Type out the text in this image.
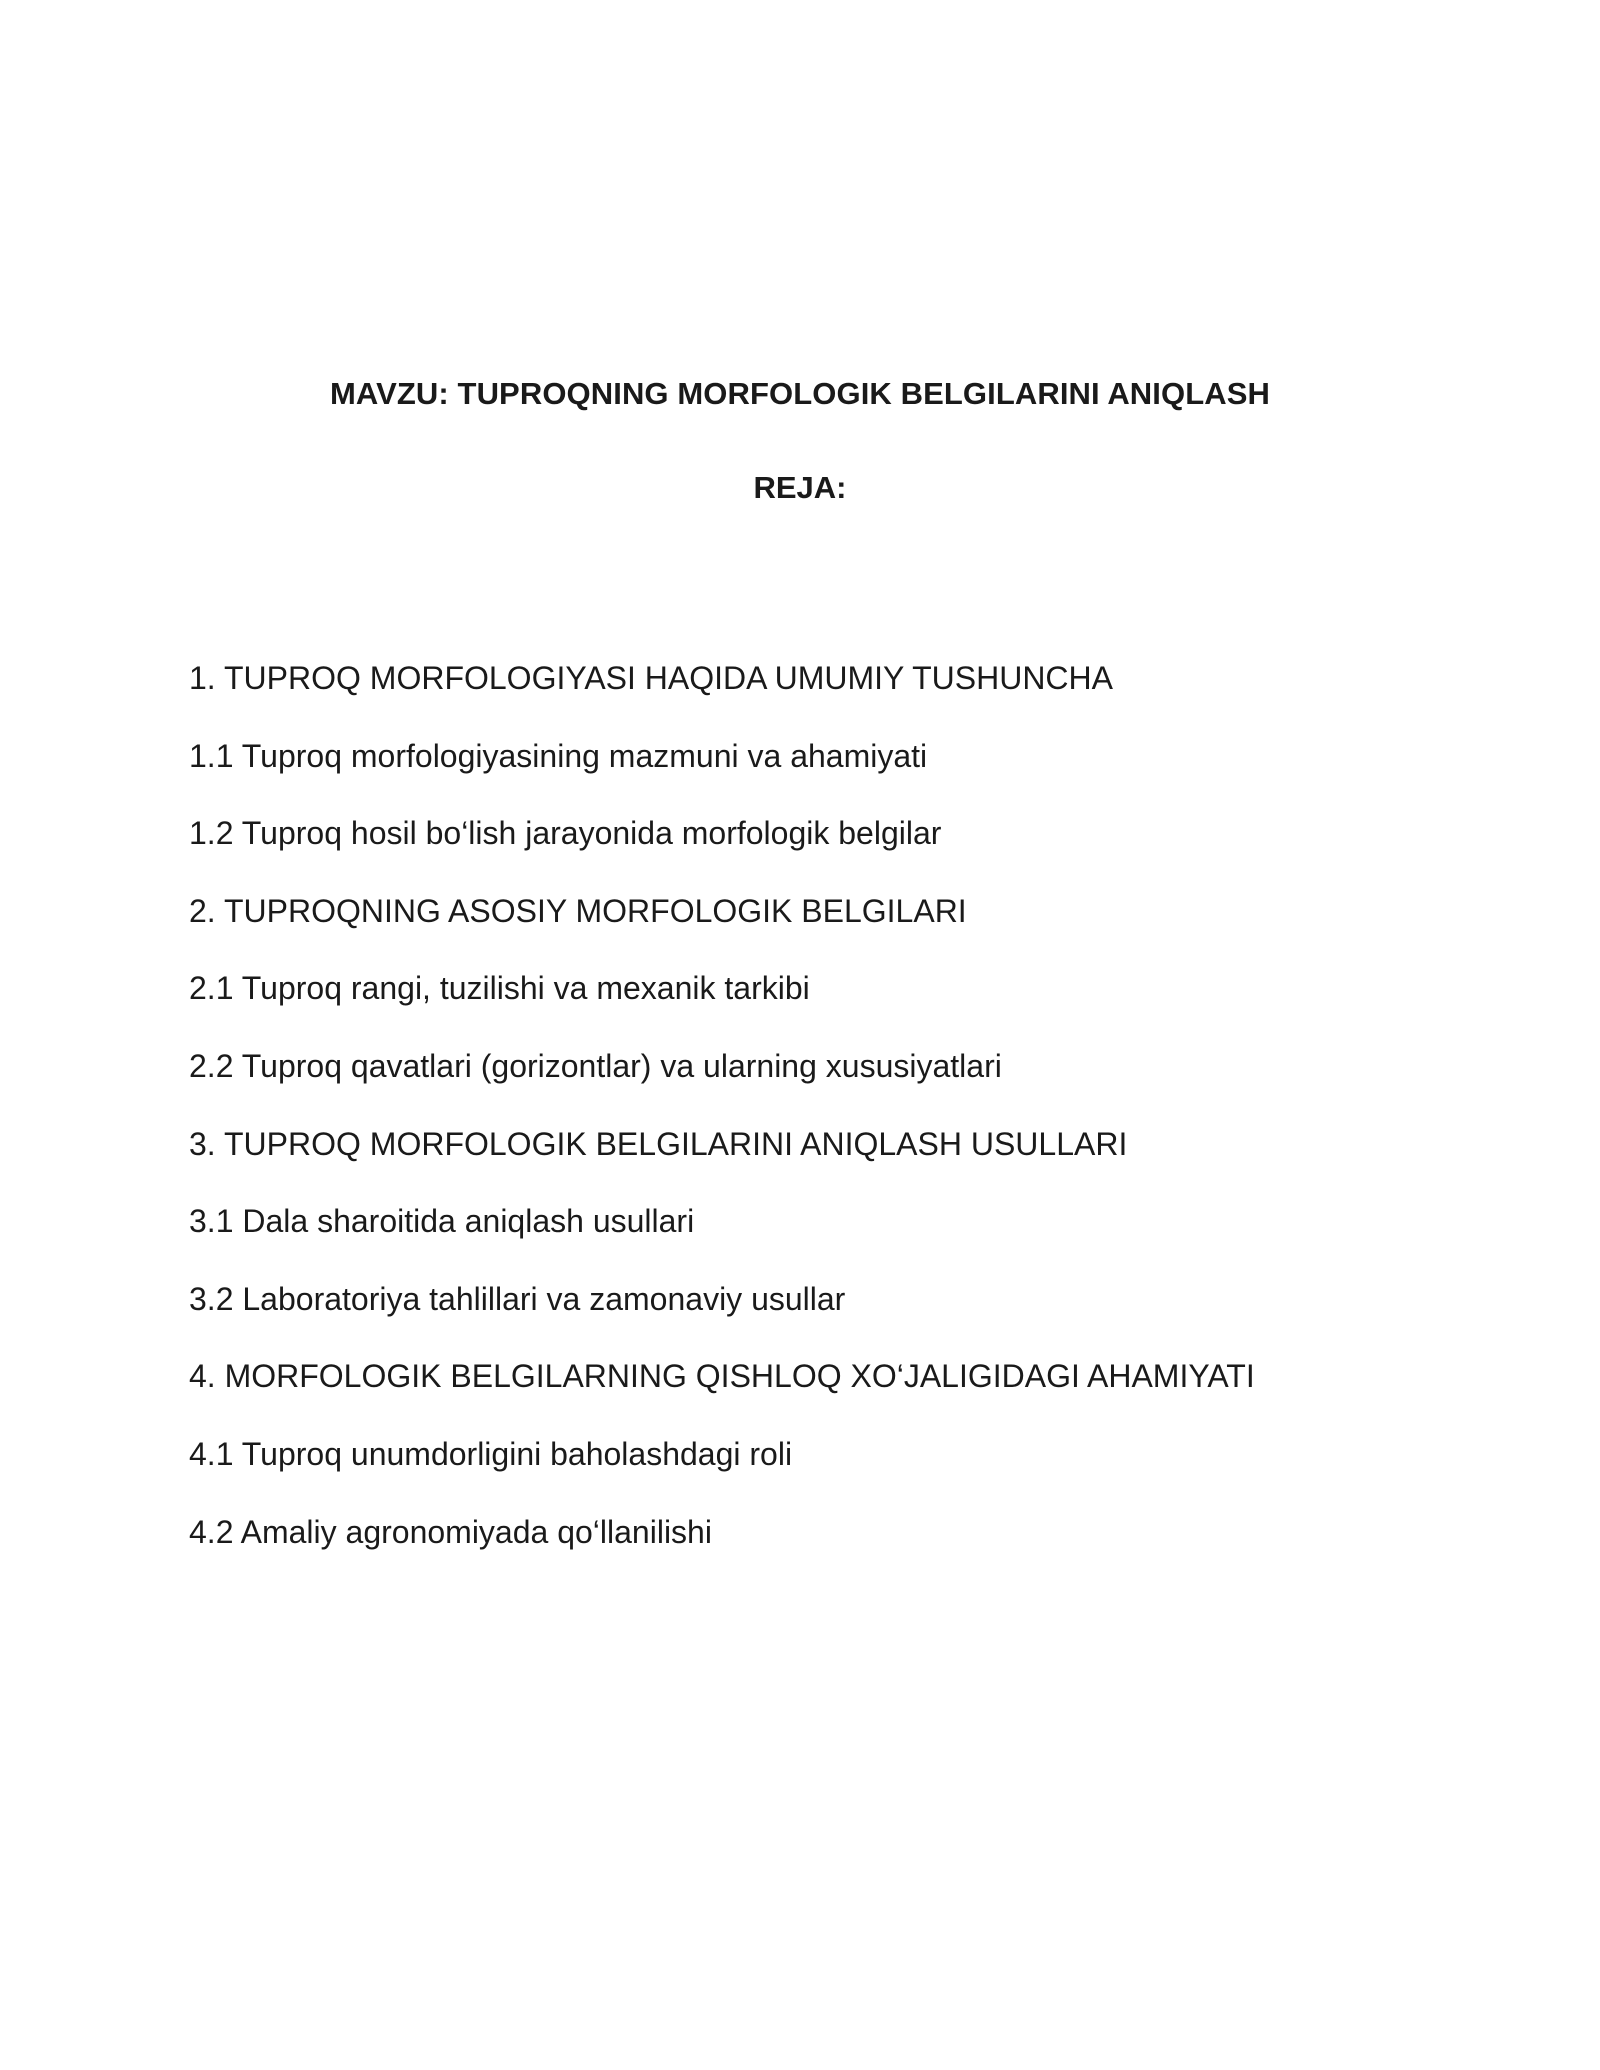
MAVZU: TUPROQNING MORFOLOGIK BELGILARINI ANIQLASH
REJA:
1. TUPROQ MORFOLOGIYASI HAQIDA UMUMIY TUSHUNCHA
1.1 Tuproq morfologiyasining mazmuni va ahamiyati
1.2 Tuproq hosil bo‘lish jarayonida morfologik belgilar
2. TUPROQNING ASOSIY MORFOLOGIK BELGILARI
2.1 Tuproq rangi, tuzilishi va mexanik tarkibi
2.2 Tuproq qavatlari (gorizontlar) va ularning xususiyatlari
3. TUPROQ MORFOLOGIK BELGILARINI ANIQLASH USULLARI
3.1 Dala sharoitida aniqlash usullari
3.2 Laboratoriya tahlillari va zamonaviy usullar
4. MORFOLOGIK BELGILARNING QISHLOQ XO‘JALIGIDAGI AHAMIYATI
4.1 Tuproq unumdorligini baholashdagi roli
4.2 Amaliy agronomiyada qo‘llanilishi
